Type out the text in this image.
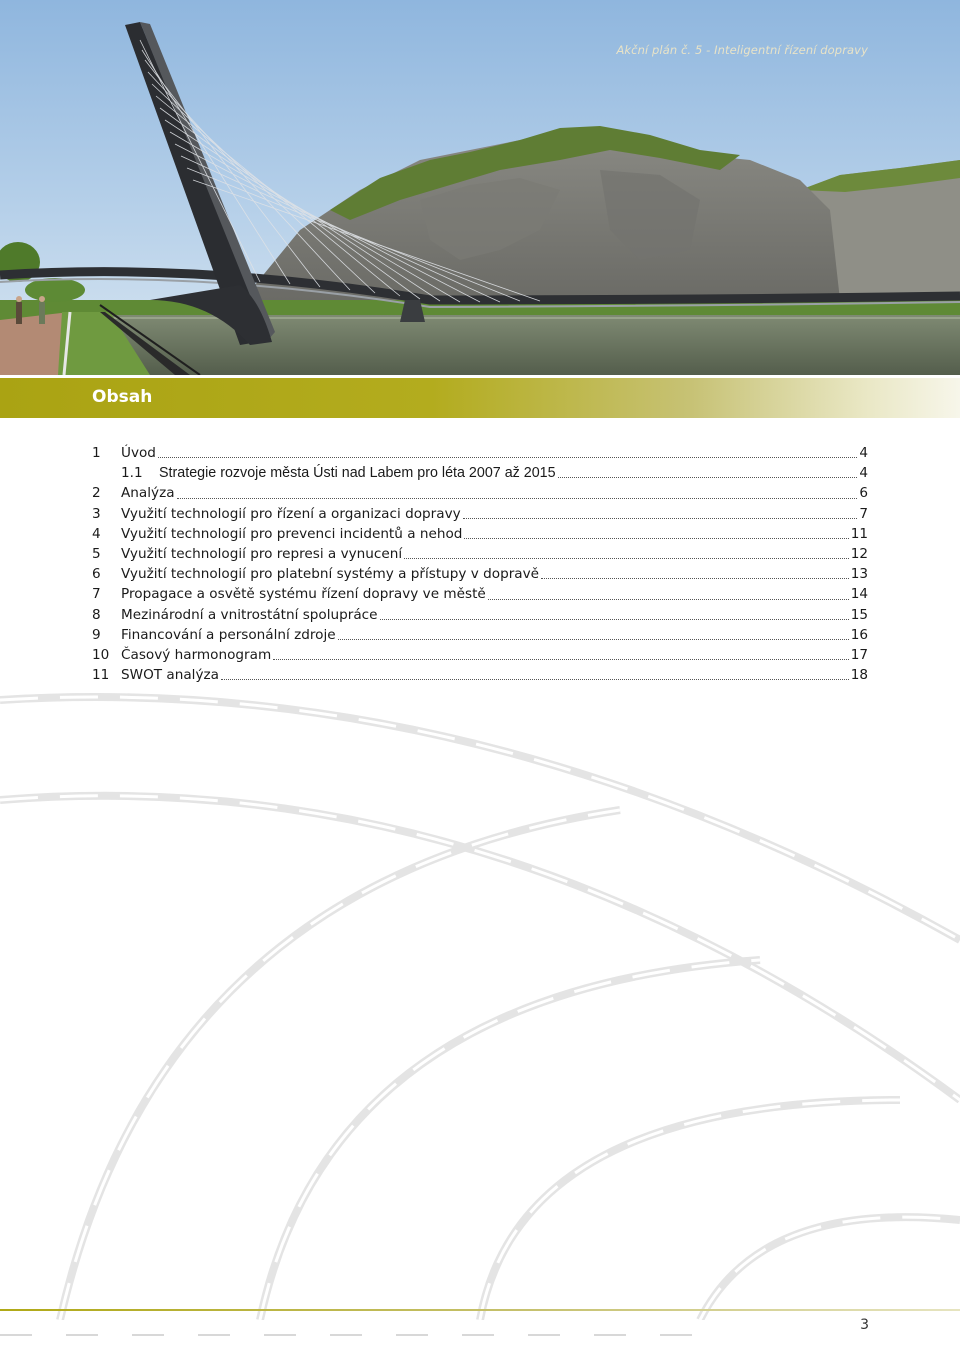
Akční plán č. 5 - Inteligentní řízení dopravy
Obsah
1	Úvod	4
1.1	Strategie rozvoje města Ústi nad Labem pro léta 2007 až 2015	4
2	Analýza	6
3	Využití technologií pro řízení a organizaci dopravy	7
4	Využití technologií pro prevenci incidentů a nehod	11
5	Využití technologií pro represi a vynucení	12
6	Využití technologií pro platební systémy a přístupy v dopravě	13
7	Propagace a osvětě systému řízení dopravy ve městě	14
8	Mezinárodní a vnitrostátní spolupráce	15
9	Financování a personální zdroje	16
10 Časový harmonogram	17
11 SWOT analýza	18
3
